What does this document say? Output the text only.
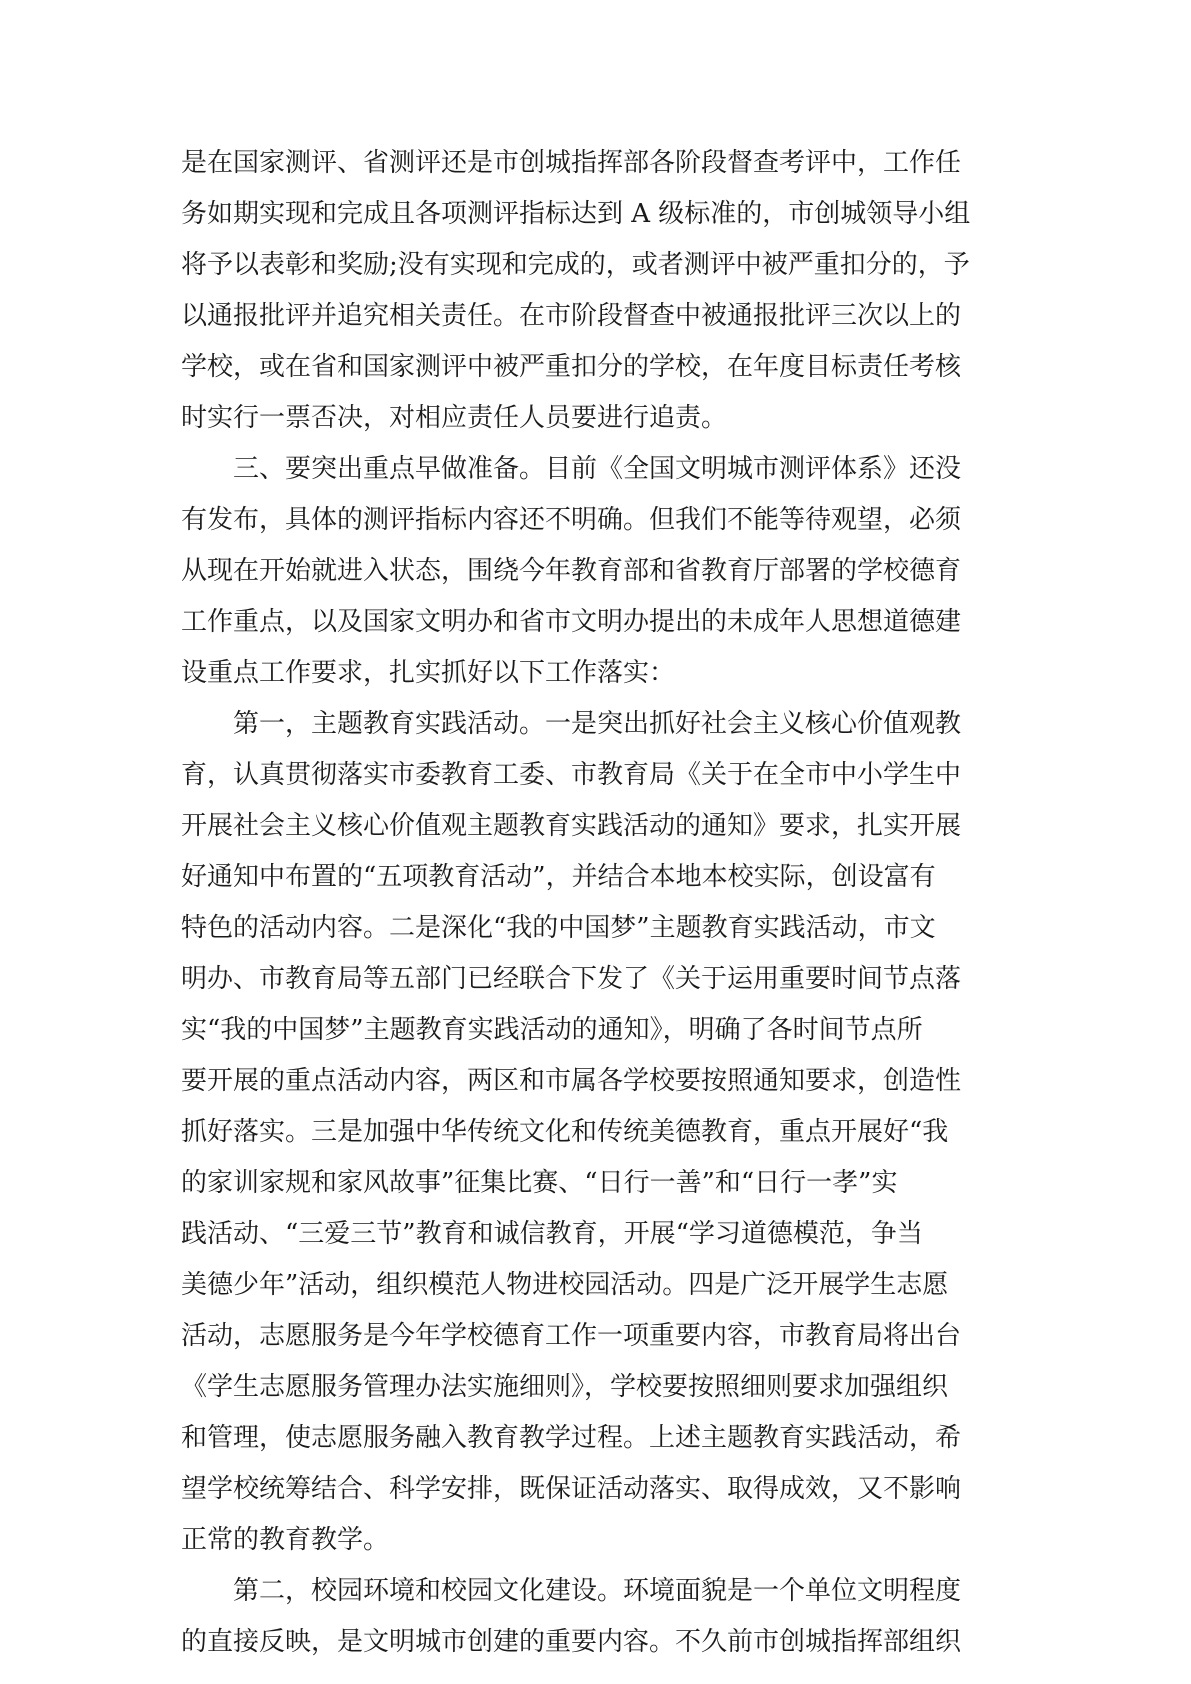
是在国家测评、省测评还是市创城指挥部各阶段督查考评中，工作任
务如期实现和完成且各项测评指标达到 A 级标准的，市创城领导小组
将予以表彰和奖励;没有实现和完成的，或者测评中被严重扣分的，予
以通报批评并追究相关责任。在市阶段督查中被通报批评三次以上的
学校，或在省和国家测评中被严重扣分的学校，在年度目标责任考核
时实行一票否决，对相应责任人员要进行追责。
三、要突出重点早做准备。目前《全国文明城市测评体系》还没
有发布，具体的测评指标内容还不明确。但我们不能等待观望，必须
从现在开始就进入状态，围绕今年教育部和省教育厅部署的学校德育
工作重点，以及国家文明办和省市文明办提出的未成年人思想道德建
设重点工作要求，扎实抓好以下工作落实：
第一，主题教育实践活动。一是突出抓好社会主义核心价值观教
育，认真贯彻落实市委教育工委、市教育局《关于在全市中小学生中
开展社会主义核心价值观主题教育实践活动的通知》要求，扎实开展
好通知中布置的“五项教育活动”，并结合本地本校实际，创设富有
特色的活动内容。二是深化“我的中国梦”主题教育实践活动，市文
明办、市教育局等五部门已经联合下发了《关于运用重要时间节点落
实“我的中国梦”主题教育实践活动的通知》，明确了各时间节点所
要开展的重点活动内容，两区和市属各学校要按照通知要求，创造性
抓好落实。三是加强中华传统文化和传统美德教育，重点开展好“我
的家训家规和家风故事”征集比赛、“日行一善”和“日行一孝”实
践活动、“三爱三节”教育和诚信教育，开展“学习道德模范，争当
美德少年”活动，组织模范人物进校园活动。四是广泛开展学生志愿
活动，志愿服务是今年学校德育工作一项重要内容，市教育局将出台
《学生志愿服务管理办法实施细则》，学校要按照细则要求加强组织
和管理，使志愿服务融入教育教学过程。上述主题教育实践活动，希
望学校统筹结合、科学安排，既保证活动落实、取得成效，又不影响
正常的教育教学。
第二，校园环境和校园文化建设。环境面貌是一个单位文明程度
的直接反映，是文明城市创建的重要内容。不久前市创城指挥部组织
